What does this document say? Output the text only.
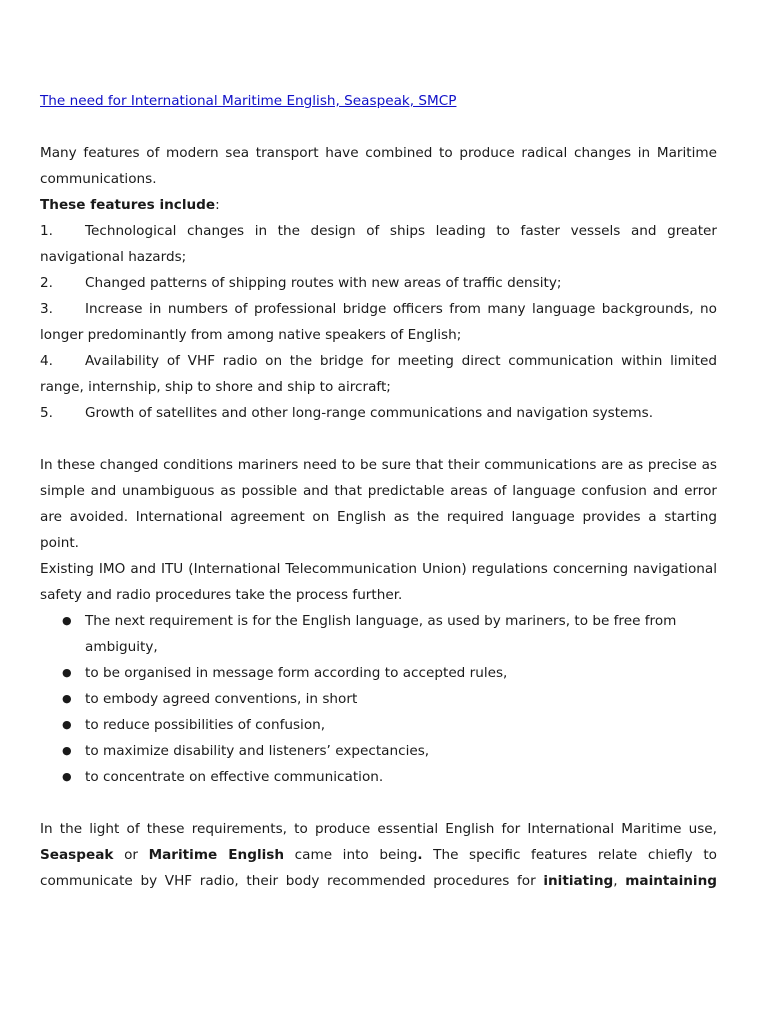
The need for International Maritime English, Seaspeak, SMCP

Many features of modern sea transport have combined to produce radical changes in Maritime communications.

These features include:

1. Technological changes in the design of ships leading to faster vessels and greater navigational hazards;
2. Changed patterns of shipping routes with new areas of traffic density;
3. Increase in numbers of professional bridge officers from many language backgrounds, no longer predominantly from among native speakers of English;
4. Availability of VHF radio on the bridge for meeting direct communication within limited range, internship, ship to shore and ship to aircraft;
5. Growth of satellites and other long-range communications and navigation systems.

In these changed conditions mariners need to be sure that their communications are as precise as simple and unambiguous as possible and that predictable areas of language confusion and error are avoided. International agreement on English as the required language provides a starting point.

Existing IMO and ITU (International Telecommunication Union) regulations concerning navigational safety and radio procedures take the process further.

● The next requirement is for the English language, as used by mariners, to be free from ambiguity,
● to be organised in message form according to accepted rules,
● to embody agreed conventions, in short
● to reduce possibilities of confusion,
● to maximize disability and listeners’ expectancies,
● to concentrate on effective communication.

In the light of these requirements, to produce essential English for International Maritime use, Seaspeak or Maritime English came into being. The specific features relate chiefly to communicate by VHF radio, their body recommended procedures for initiating, maintaining
